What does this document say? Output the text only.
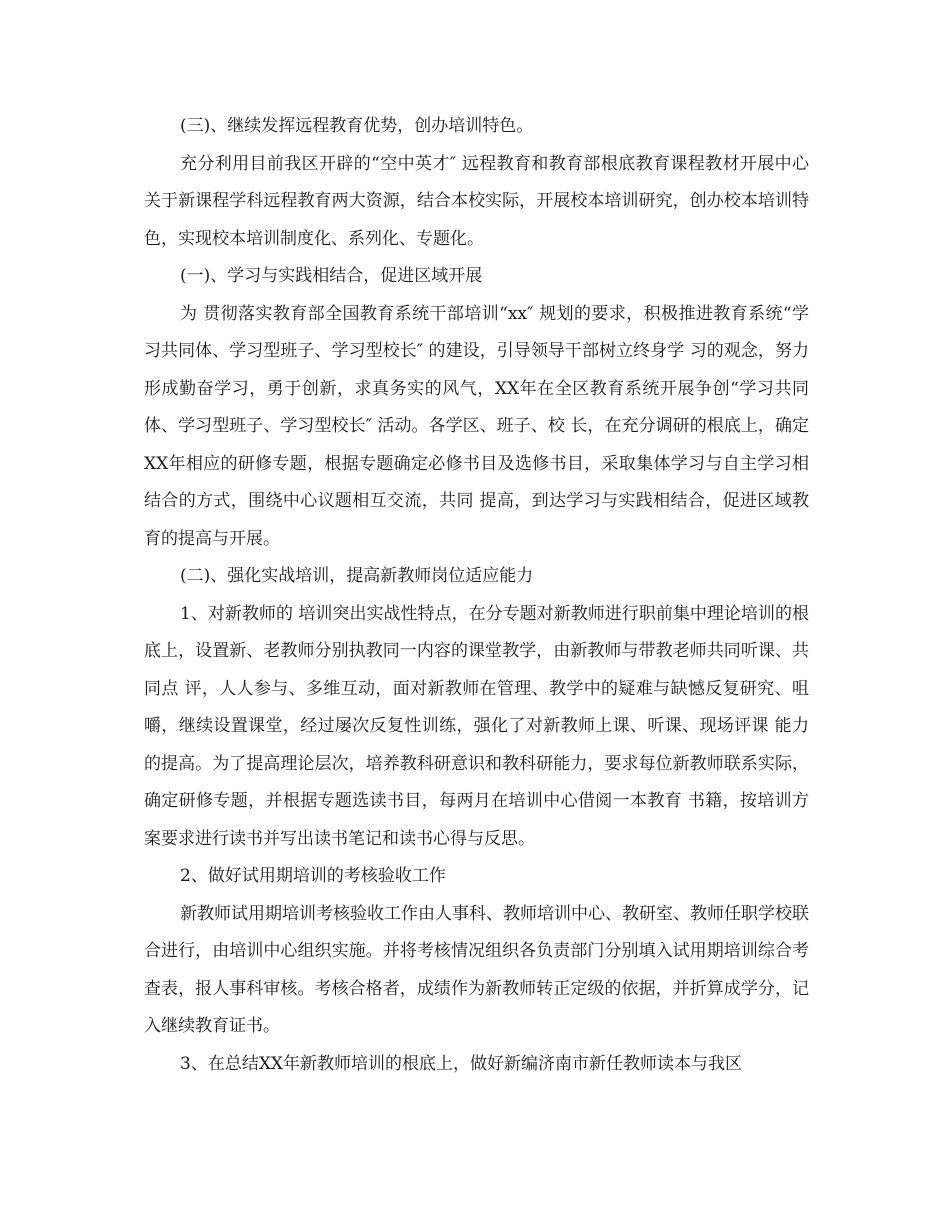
(三)、继续发挥远程教育优势，创办培训特色。

充分利用目前我区开辟的“空中英才″ 远程教育和教育部根底教育课程教材开展中心关于新课程学科远程教育两大资源，结合本校实际，开展校本培训研究，创办校本培训特色，实现校本培训制度化、系列化、专题化。

(一)、学习与实践相结合，促进区域开展

为 贯彻落实教育部全国教育系统干部培训“xx″ 规划的要求，积极推进教育系统“学习共同体、学习型班子、学习型校长″ 的建设，引导领导干部树立终身学 习的观念，努力形成勤奋学习，勇于创新，求真务实的风气，XX年在全区教育系统开展争创“学习共同体、学习型班子、学习型校长″ 活动。各学区、班子、校 长，在充分调研的根底上，确定XX年相应的研修专题，根据专题确定必修书目及选修书目，采取集体学习与自主学习相结合的方式，围绕中心议题相互交流，共同 提高，到达学习与实践相结合，促进区域教育的提高与开展。

(二)、强化实战培训，提高新教师岗位适应能力

1、对新教师的 培训突出实战性特点，在分专题对新教师进行职前集中理论培训的根底上，设置新、老教师分别执教同一内容的课堂教学，由新教师与带教老师共同听课、共同点 评，人人参与、多维互动，面对新教师在管理、教学中的疑难与缺憾反复研究、咀嚼，继续设置课堂，经过屡次反复性训练，强化了对新教师上课、听课、现场评课 能力的提高。为了提高理论层次，培养教科研意识和教科研能力，要求每位新教师联系实际，确定研修专题，并根据专题选读书目，每两月在培训中心借阅一本教育 书籍，按培训方案要求进行读书并写出读书笔记和读书心得与反思。

2、做好试用期培训的考核验收工作

新教师试用期培训考核验收工作由人事科、教师培训中心、教研室、教师任职学校联合进行，由培训中心组织实施。并将考核情况组织各负责部门分别填入试用期培训综合考查表，报人事科审核。考核合格者，成绩作为新教师转正定级的依据，并折算成学分，记入继续教育证书。

3、在总结XX年新教师培训的根底上，做好新编济南市新任教师读本与我区
